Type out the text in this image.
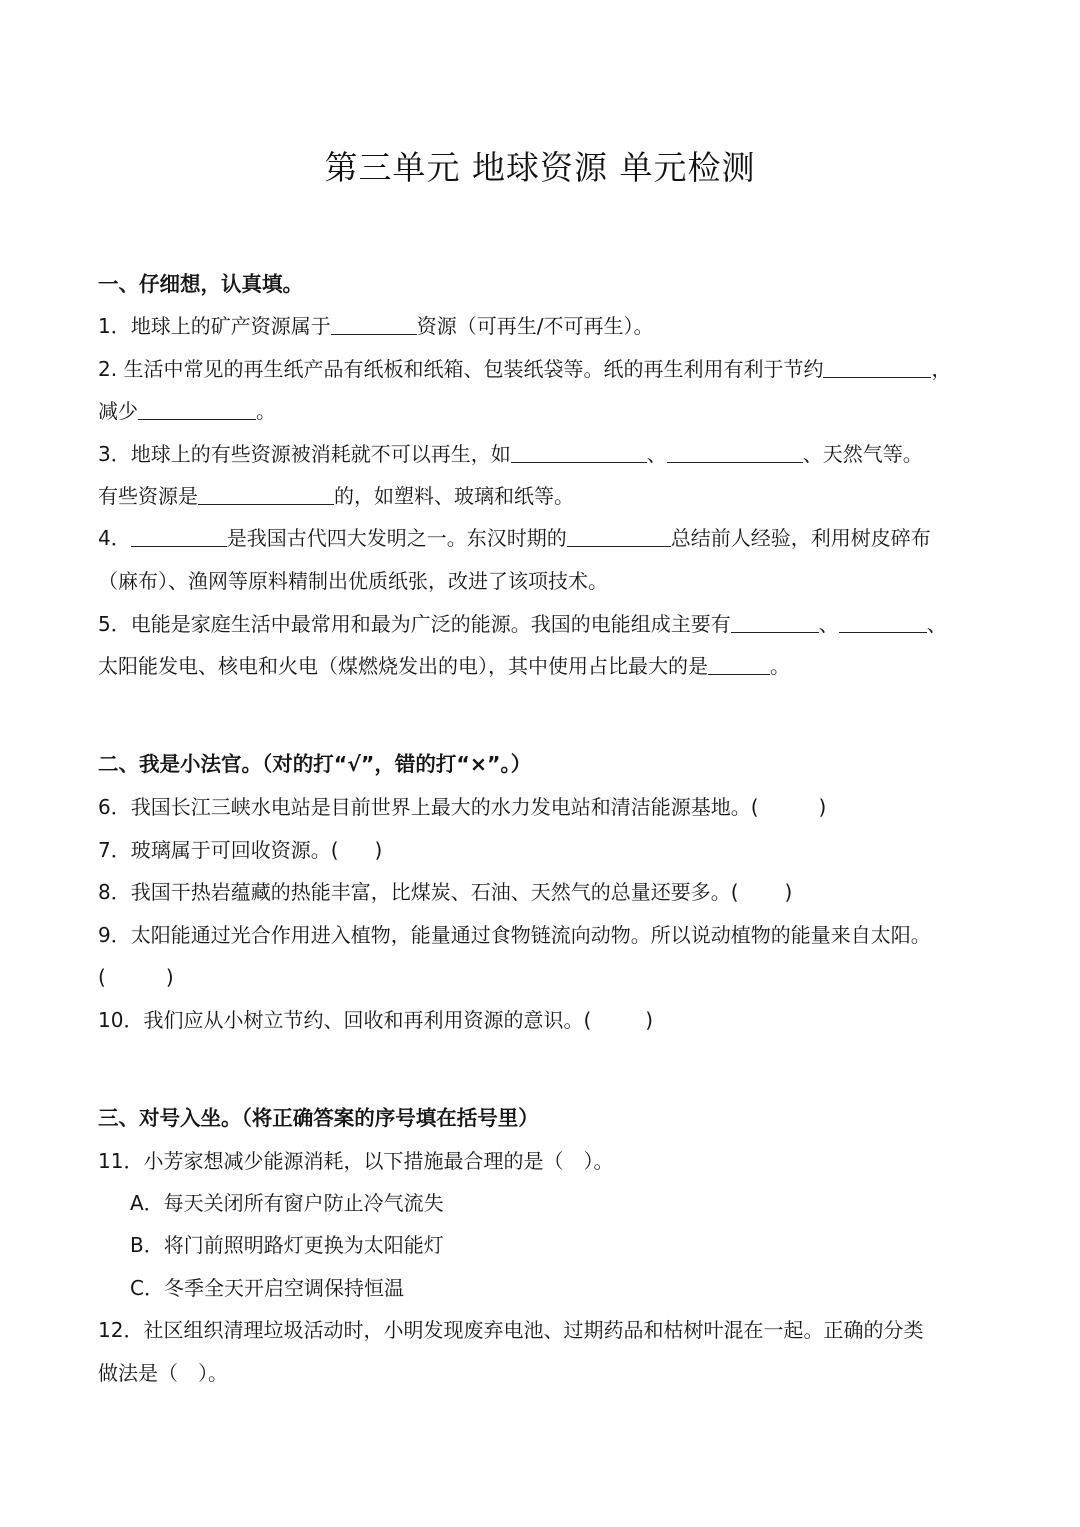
第三单元 地球资源 单元检测
一、仔细想，认真填。
1．地球上的矿产资源属于	资源（可再生/不可再生）。
2. 生活中常见的再生纸产品有纸板和纸箱、包装纸袋等。纸的再生利用有利于节约	，
减少	。
3．地球上的有些资源被消耗就不可以再生，如	、	、天然气等。
有些资源是	的，如塑料、玻璃和纸等。
4．	是我国古代四大发明之一。东汉时期的	总结前人经验，利用树皮碎布
（麻布）、渔网等原料精制出优质纸张，改进了该项技术。
5．电能是家庭生活中最常用和最为广泛的能源。我国的电能组成主要有	、	、
太阳能发电、核电和火电（煤燃烧发出的电），其中使用占比最大的是	。
二、我是小法官。（对的打“√”，错的打“×”。）
6．我国长江三峡水电站是目前世界上最大的水力发电站和清洁能源基地。(	)
7．玻璃属于可回收资源。( )
8．我国干热岩蕴藏的热能丰富，比煤炭、石油、天然气的总量还要多。( )
9．太阳能通过光合作用进入植物，能量通过食物链流向动物。所以说动植物的能量来自太阳。
(	)
10．我们应从小树立节约、回收和再利用资源的意识。(	)
三、对号入坐。（将正确答案的序号填在括号里）
11．小芳家想减少能源消耗，以下措施最合理的是（　）。
A．每天关闭所有窗户防止冷气流失
B．将门前照明路灯更换为太阳能灯
C．冬季全天开启空调保持恒温
12．社区组织清理垃圾活动时，小明发现废弃电池、过期药品和枯树叶混在一起。正确的分类
做法是（　）。
